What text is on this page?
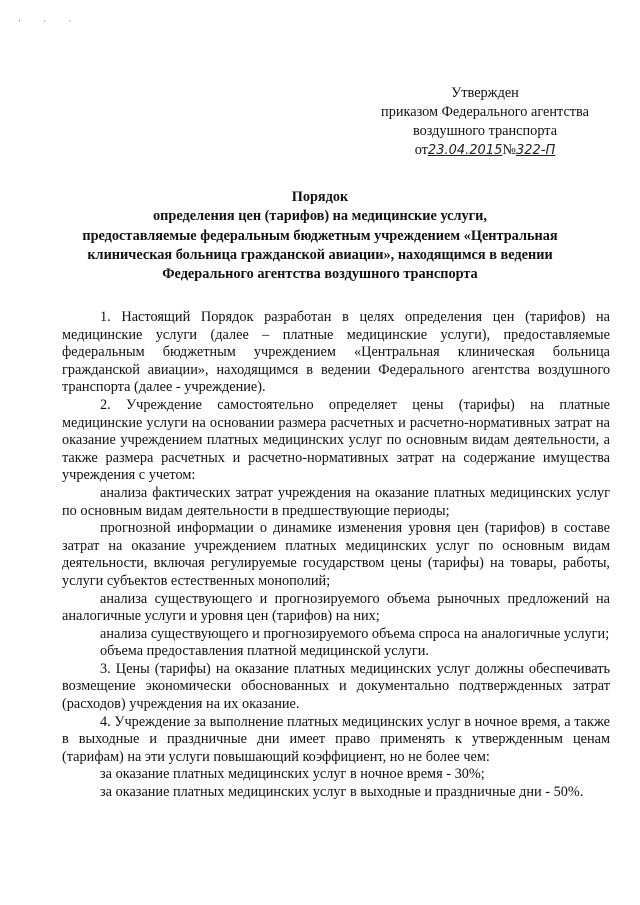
· · ·
Утвержден
приказом Федерального агентства
воздушного транспорта
от23.04.2015№322-П
Порядок
определения цен (тарифов) на медицинские услуги,
предоставляемые федеральным бюджетным учреждением «Центральная
клиническая больница гражданской авиации», находящимся в ведении
Федерального агентства воздушного транспорта

1. Настоящий Порядок разработан в целях определения цен (тарифов) на медицинские услуги (далее – платные медицинские услуги), предоставляемые федеральным бюджетным учреждением «Центральная клиническая больница гражданской авиации», находящимся в ведении Федерального агентства воздушного транспорта (далее - учреждение).

2. Учреждение самостоятельно определяет цены (тарифы) на платные медицинские услуги на основании размера расчетных и расчетно-нормативных затрат на оказание учреждением платных медицинских услуг по основным видам деятельности, а также размера расчетных и расчетно-нормативных затрат на содержание имущества учреждения с учетом:

анализа фактических затрат учреждения на оказание платных медицинских услуг по основным видам деятельности в предшествующие периоды;

прогнозной информации о динамике изменения уровня цен (тарифов) в составе затрат на оказание учреждением платных медицинских услуг по основным видам деятельности, включая регулируемые государством цены (тарифы) на товары, работы, услуги субъектов естественных монополий;

анализа существующего и прогнозируемого объема рыночных предложений на аналогичные услуги и уровня цен (тарифов) на них;

анализа существующего и прогнозируемого объема спроса на аналогичные услуги;

объема предоставления платной медицинской услуги.

3. Цены (тарифы) на оказание платных медицинских услуг должны обеспечивать возмещение экономически обоснованных и документально подтвержденных затрат (расходов) учреждения на их оказание.

4. Учреждение за выполнение платных медицинских услуг в ночное время, а также в выходные и праздничные дни имеет право применять к утвержденным ценам (тарифам) на эти услуги повышающий коэффициент, но не более чем:

за оказание платных медицинских услуг в ночное время - 30%;

за оказание платных медицинских услуг в выходные и праздничные дни - 50%.
